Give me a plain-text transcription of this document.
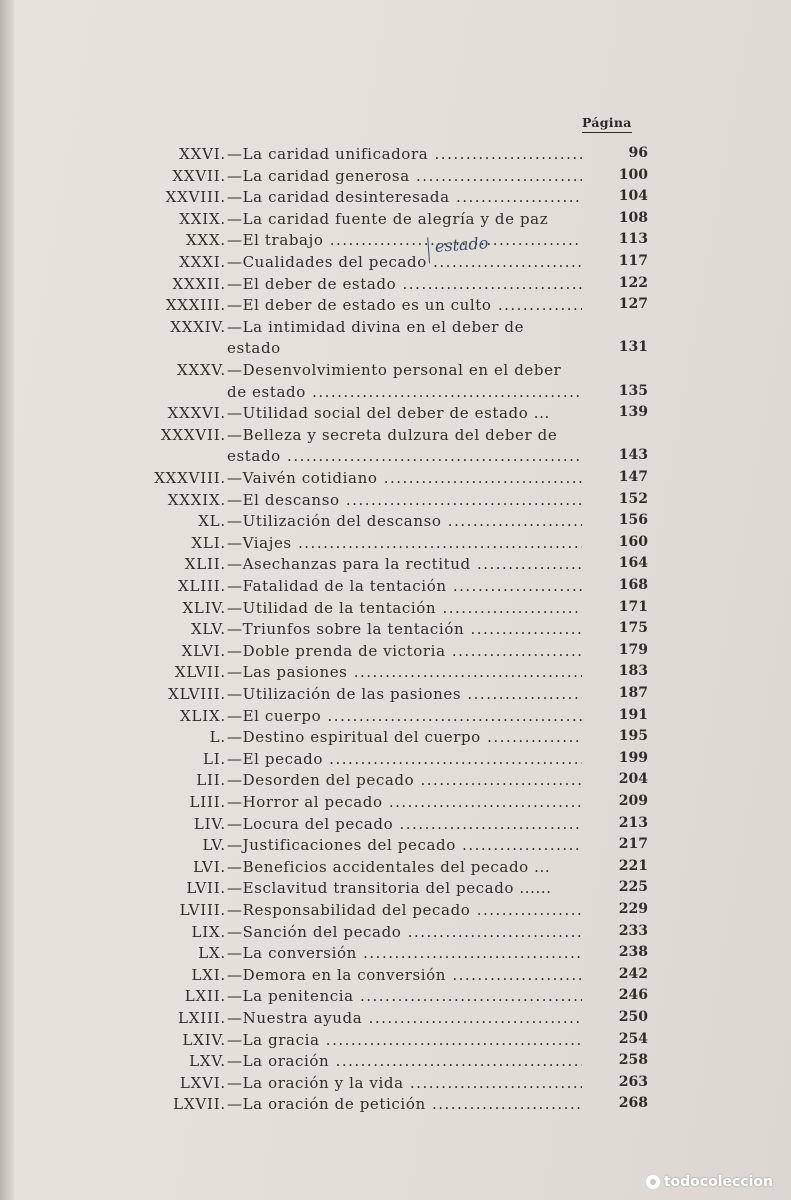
Página
XXVI. —La caridad unificadora .....	96
XXVII. —La caridad generosa .....	100
XXVIII. —La caridad desinteresada .....	104
XXIX. —La caridad fuente de alegría y de paz	108
XXX. —El trabajo .....	113
XXXI. —Cualidades del pecado .....	117
XXXII. —El deber de estado .....	122
XXXIII. —El deber de estado es un culto .....	127
XXXIV. —La intimidad divina en el deber de
estado	131
XXXV. —Desenvolvimiento personal en el deber
de estado .....	135
XXXVI. —Utilidad social del deber de estado ...	139
XXXVII. —Belleza y secreta dulzura del deber de
estado .....	143
XXXVIII. —Vaivén cotidiano .....	147
XXXIX. —El descanso .....	152
XL. —Utilización del descanso .....	156
XLI. —Viajes .....	160
XLII. —Asechanzas para la rectitud .....	164
XLIII. —Fatalidad de la tentación .....	168
XLIV. —Utilidad de la tentación .....	171
XLV. —Triunfos sobre la tentación .....	175
XLVI. —Doble prenda de victoria .....	179
XLVII. —Las pasiones .....	183
XLVIII. —Utilización de las pasiones .....	187
XLIX. —El cuerpo .....	191
L. —Destino espiritual del cuerpo .....	195
LI. —El pecado .....	199
LII. —Desorden del pecado .....	204
LIII. —Horror al pecado .....	209
LIV. —Locura del pecado .....	213
LV. —Justificaciones del pecado .....	217
LVI. —Beneficios accidentales del pecado ...	221
LVII. —Esclavitud transitoria del pecado ......	225
LVIII. —Responsabilidad del pecado .....	229
LIX. —Sanción del pecado .....	233
LX. —La conversión .....	238
LXI. —Demora en la conversión .....	242
LXII. —La penitencia .....	246
LXIII. —Nuestra ayuda .....	250
LXIV. —La gracia .....	254
LXV. —La oración .....	258
LXVI. —La oración y la vida .....	263
LXVII. —La oración de petición .....	268
estado
todocoleccion
